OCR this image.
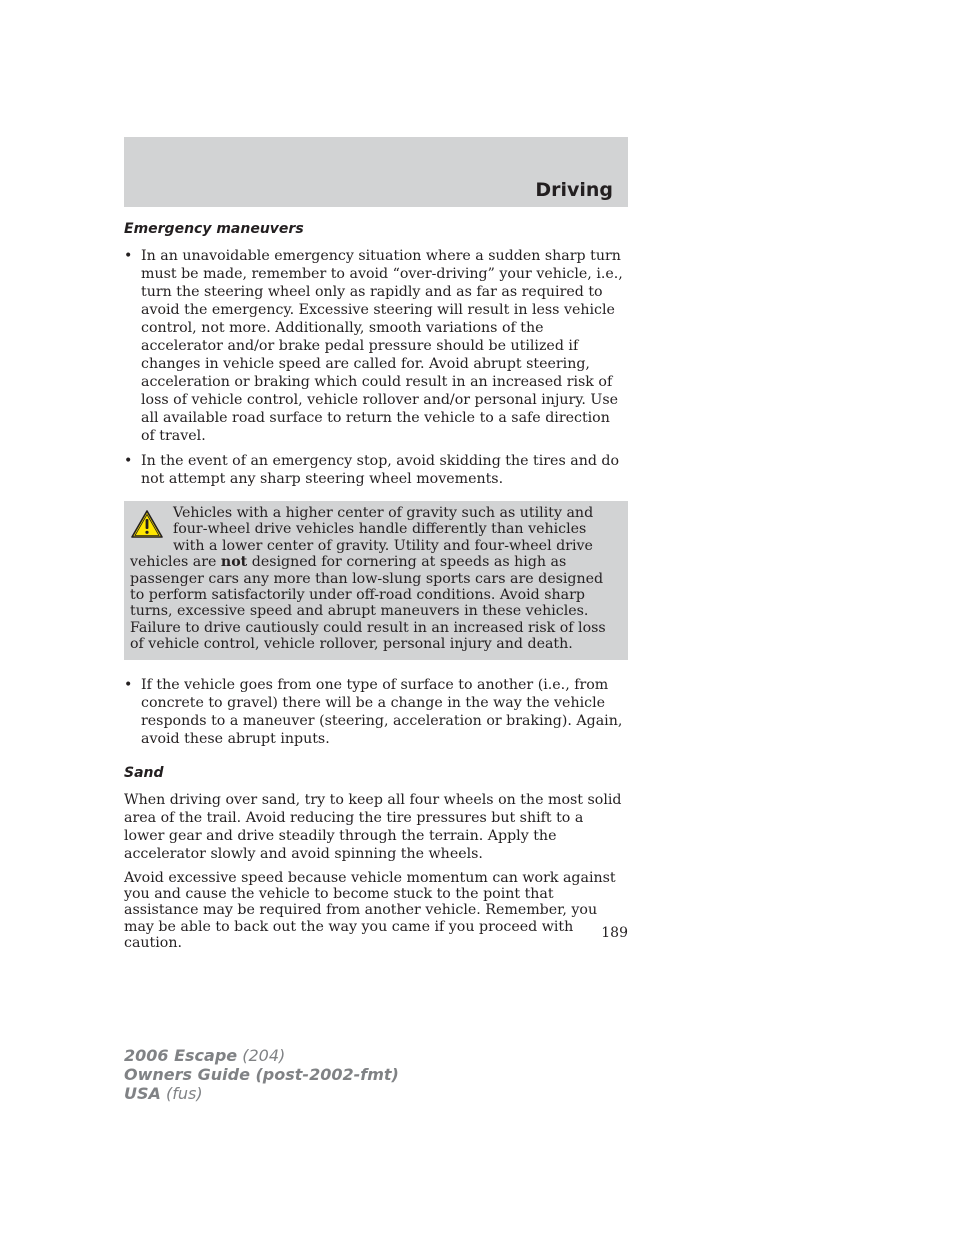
Driving
Emergency maneuvers
• In an unavoidable emergency situation where a sudden sharp turn must be made, remember to avoid “over-driving” your vehicle, i.e., turn the steering wheel only as rapidly and as far as required to avoid the emergency. Excessive steering will result in less vehicle control, not more. Additionally, smooth variations of the accelerator and/or brake pedal pressure should be utilized if changes in vehicle speed are called for. Avoid abrupt steering, acceleration or braking which could result in an increased risk of loss of vehicle control, vehicle rollover and/or personal injury. Use all available road surface to return the vehicle to a safe direction of travel.
• In the event of an emergency stop, avoid skidding the tires and do not attempt any sharp steering wheel movements.
Vehicles with a higher center of gravity such as utility and four-wheel drive vehicles handle differently than vehicles with a lower center of gravity. Utility and four-wheel drive vehicles are not designed for cornering at speeds as high as passenger cars any more than low-slung sports cars are designed to perform satisfactorily under off-road conditions. Avoid sharp turns, excessive speed and abrupt maneuvers in these vehicles. Failure to drive cautiously could result in an increased risk of loss of vehicle control, vehicle rollover, personal injury and death.
• If the vehicle goes from one type of surface to another (i.e., from concrete to gravel) there will be a change in the way the vehicle responds to a maneuver (steering, acceleration or braking). Again, avoid these abrupt inputs.
Sand

When driving over sand, try to keep all four wheels on the most solid area of the trail. Avoid reducing the tire pressures but shift to a lower gear and drive steadily through the terrain. Apply the accelerator slowly and avoid spinning the wheels.

Avoid excessive speed because vehicle momentum can work against you and cause the vehicle to become stuck to the point that assistance may be required from another vehicle. Remember, you may be able to back out the way you came if you proceed with caution.

189
2006 Escape (204)
Owners Guide (post-2002-fmt)
USA (fus)
